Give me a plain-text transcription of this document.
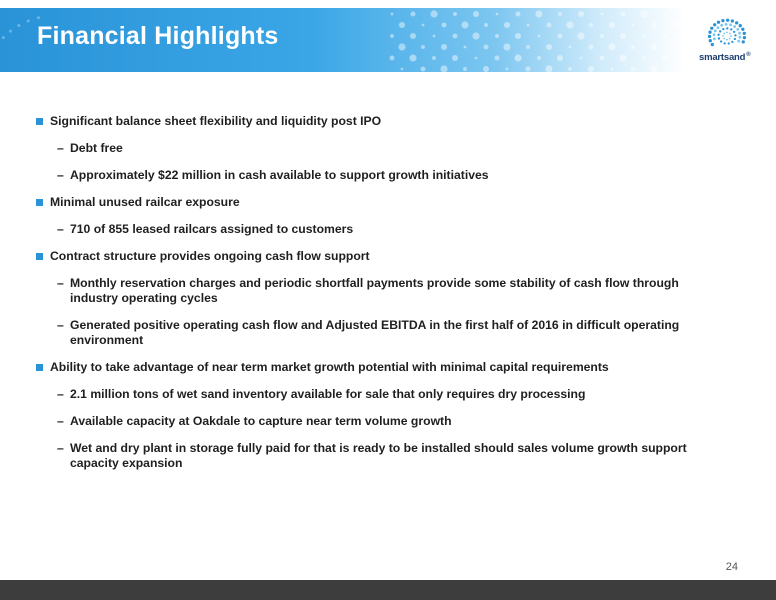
Financial Highlights
smartsand®
Significant balance sheet flexibility and liquidity post IPO
– Debt free
– Approximately $22 million in cash available to support growth initiatives
Minimal unused railcar exposure
– 710 of 855 leased railcars assigned to customers
Contract structure provides ongoing cash flow support
– Monthly reservation charges and periodic shortfall payments provide some stability of cash flow through industry operating cycles
– Generated positive operating cash flow and Adjusted EBITDA in the first half of 2016 in difficult operating environment
Ability to take advantage of near term market growth potential with minimal capital requirements
– 2.1 million tons of wet sand inventory available for sale that only requires dry processing
– Available capacity at Oakdale to capture near term volume growth
– Wet and dry plant in storage fully paid for that is ready to be installed should sales volume growth support capacity expansion
24
